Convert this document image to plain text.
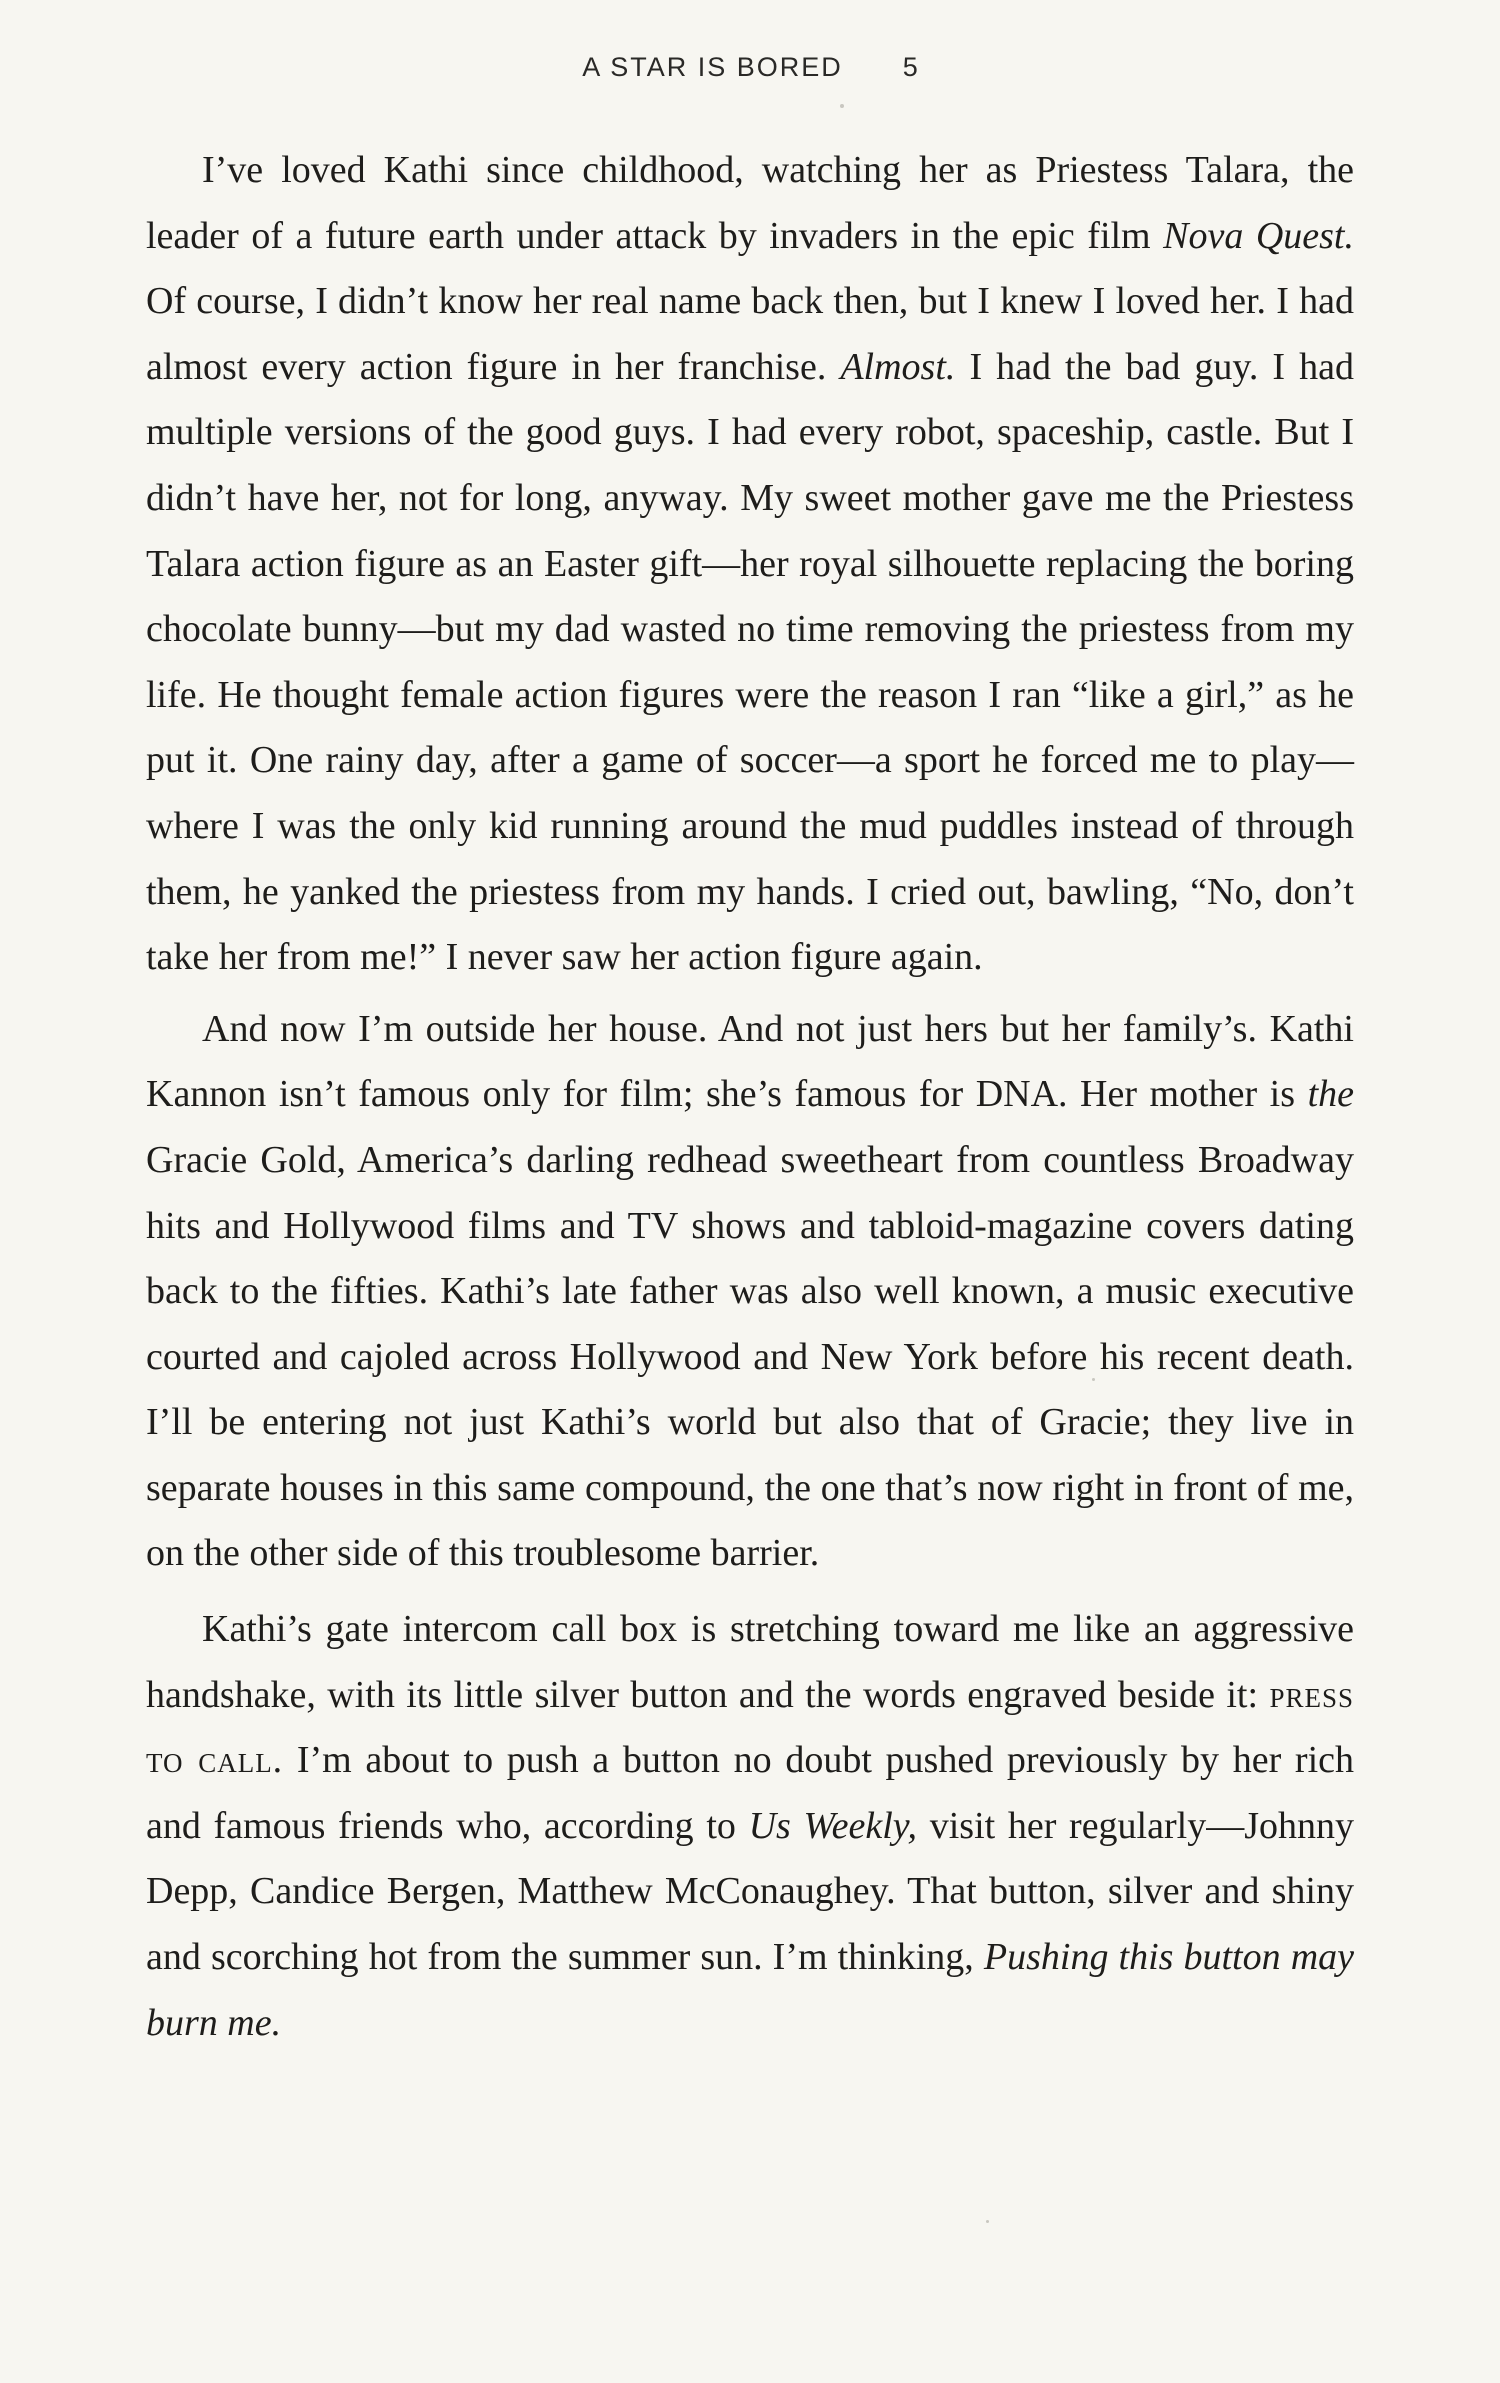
A STAR IS BORED 5

I’ve loved Kathi since childhood, watching her as Priestess Talara, the leader of a future earth under attack by invaders in the epic film Nova Quest. Of course, I didn’t know her real name back then, but I knew I loved her. I had almost every action figure in her franchise. Almost. I had the bad guy. I had multiple versions of the good guys. I had every robot, spaceship, castle. But I didn’t have her, not for long, anyway. My sweet mother gave me the Priestess Talara action figure as an Easter gift—her royal silhouette replacing the boring chocolate bunny—but my dad wasted no time removing the priestess from my life. He thought female action figures were the reason I ran “like a girl,” as he put it. One rainy day, after a game of soccer—a sport he forced me to play—where I was the only kid running around the mud puddles instead of through them, he yanked the priestess from my hands. I cried out, bawling, “No, don’t take her from me!” I never saw her action figure again.

And now I’m outside her house. And not just hers but her family’s. Kathi Kannon isn’t famous only for film; she’s famous for DNA. Her mother is the Gracie Gold, America’s darling redhead sweetheart from countless Broadway hits and Hollywood films and TV shows and tabloid-magazine covers dating back to the fifties. Kathi’s late father was also well known, a music executive courted and cajoled across Hollywood and New York before his recent death. I’ll be entering not just Kathi’s world but also that of Gracie; they live in separate houses in this same compound, the one that’s now right in front of me, on the other side of this troublesome barrier.

Kathi’s gate intercom call box is stretching toward me like an aggressive handshake, with its little silver button and the words engraved beside it: press to call. I’m about to push a button no doubt pushed previously by her rich and famous friends who, according to Us Weekly, visit her regularly—Johnny Depp, Candice Bergen, Matthew McConaughey. That button, silver and shiny and scorching hot from the summer sun. I’m thinking, Pushing this button may burn me.
